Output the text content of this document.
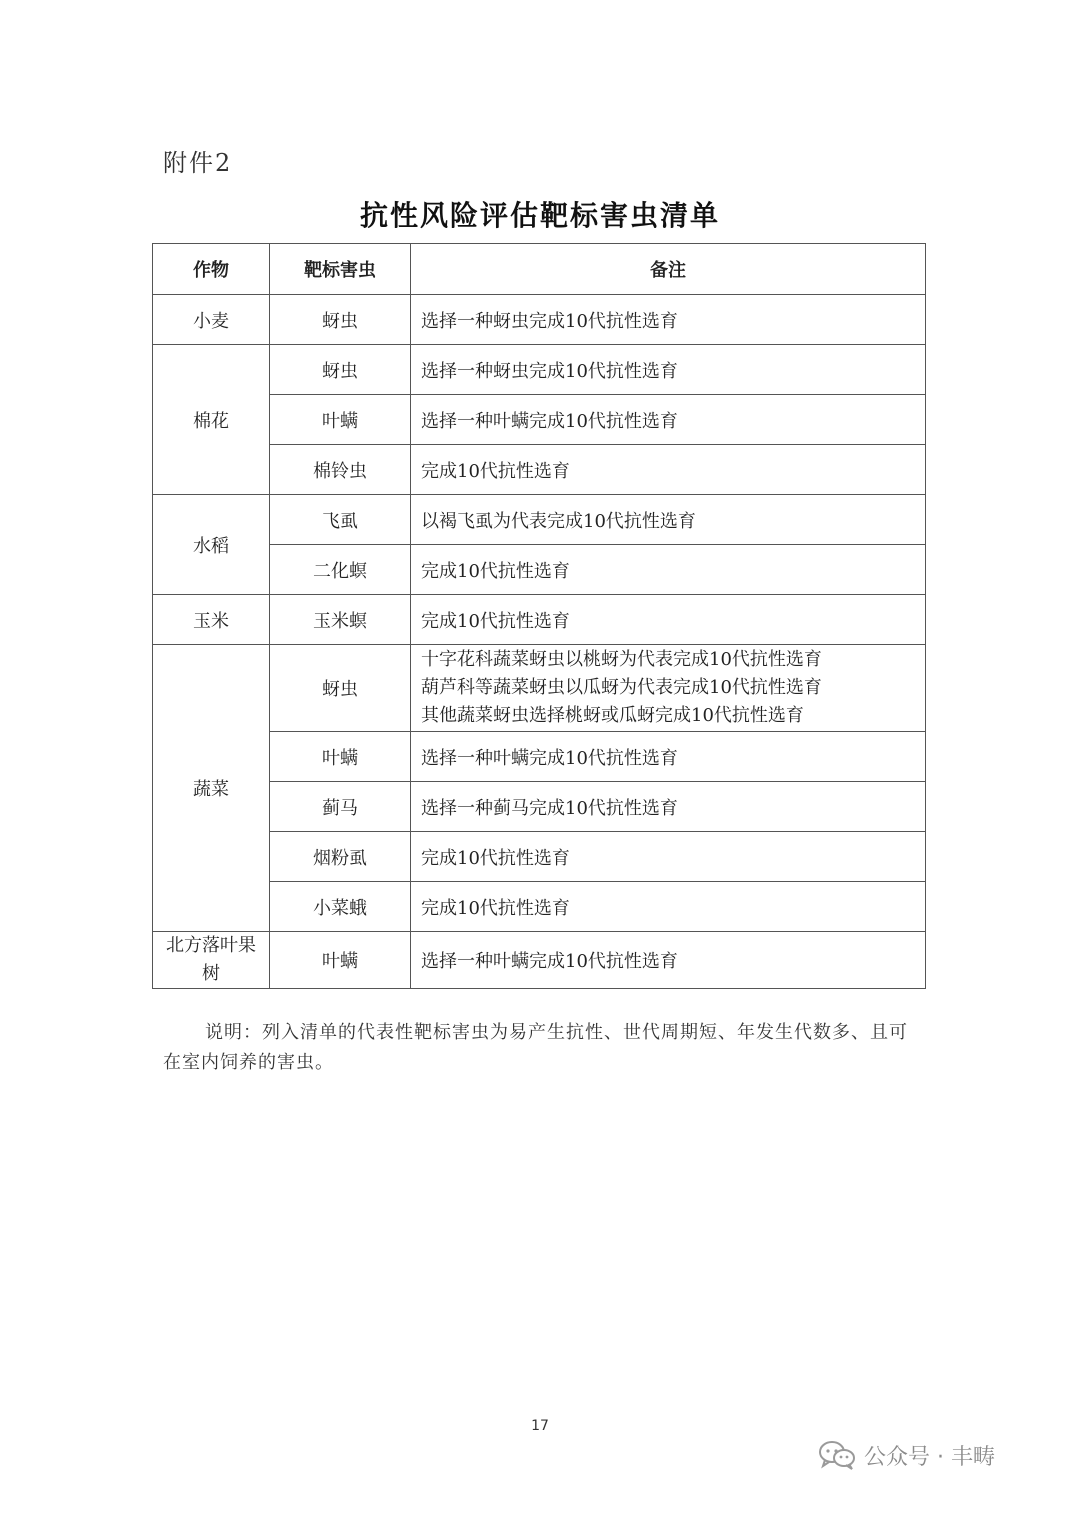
附件2
抗性风险评估靶标害虫清单
作物	靶标害虫	备注
小麦	蚜虫	选择一种蚜虫完成10代抗性选育
棉花	蚜虫	选择一种蚜虫完成10代抗性选育
	叶螨	选择一种叶螨完成10代抗性选育
	棉铃虫	完成10代抗性选育
水稻	飞虱	以褐飞虱为代表完成10代抗性选育
	二化螟	完成10代抗性选育
玉米	玉米螟	完成10代抗性选育
蔬菜	蚜虫	十字花科蔬菜蚜虫以桃蚜为代表完成10代抗性选育
葫芦科等蔬菜蚜虫以瓜蚜为代表完成10代抗性选育
其他蔬菜蚜虫选择桃蚜或瓜蚜完成10代抗性选育

	叶螨	选择一种叶螨完成10代抗性选育
	蓟马	选择一种蓟马完成10代抗性选育
	烟粉虱	完成10代抗性选育
	小菜蛾	完成10代抗性选育
北方落叶果树	叶螨	选择一种叶螨完成10代抗性选育
说明：列入清单的代表性靶标害虫为易产生抗性、世代周期短、年发生代数多、且可在室内饲养的害虫。
17
公众号 · 丰畴
